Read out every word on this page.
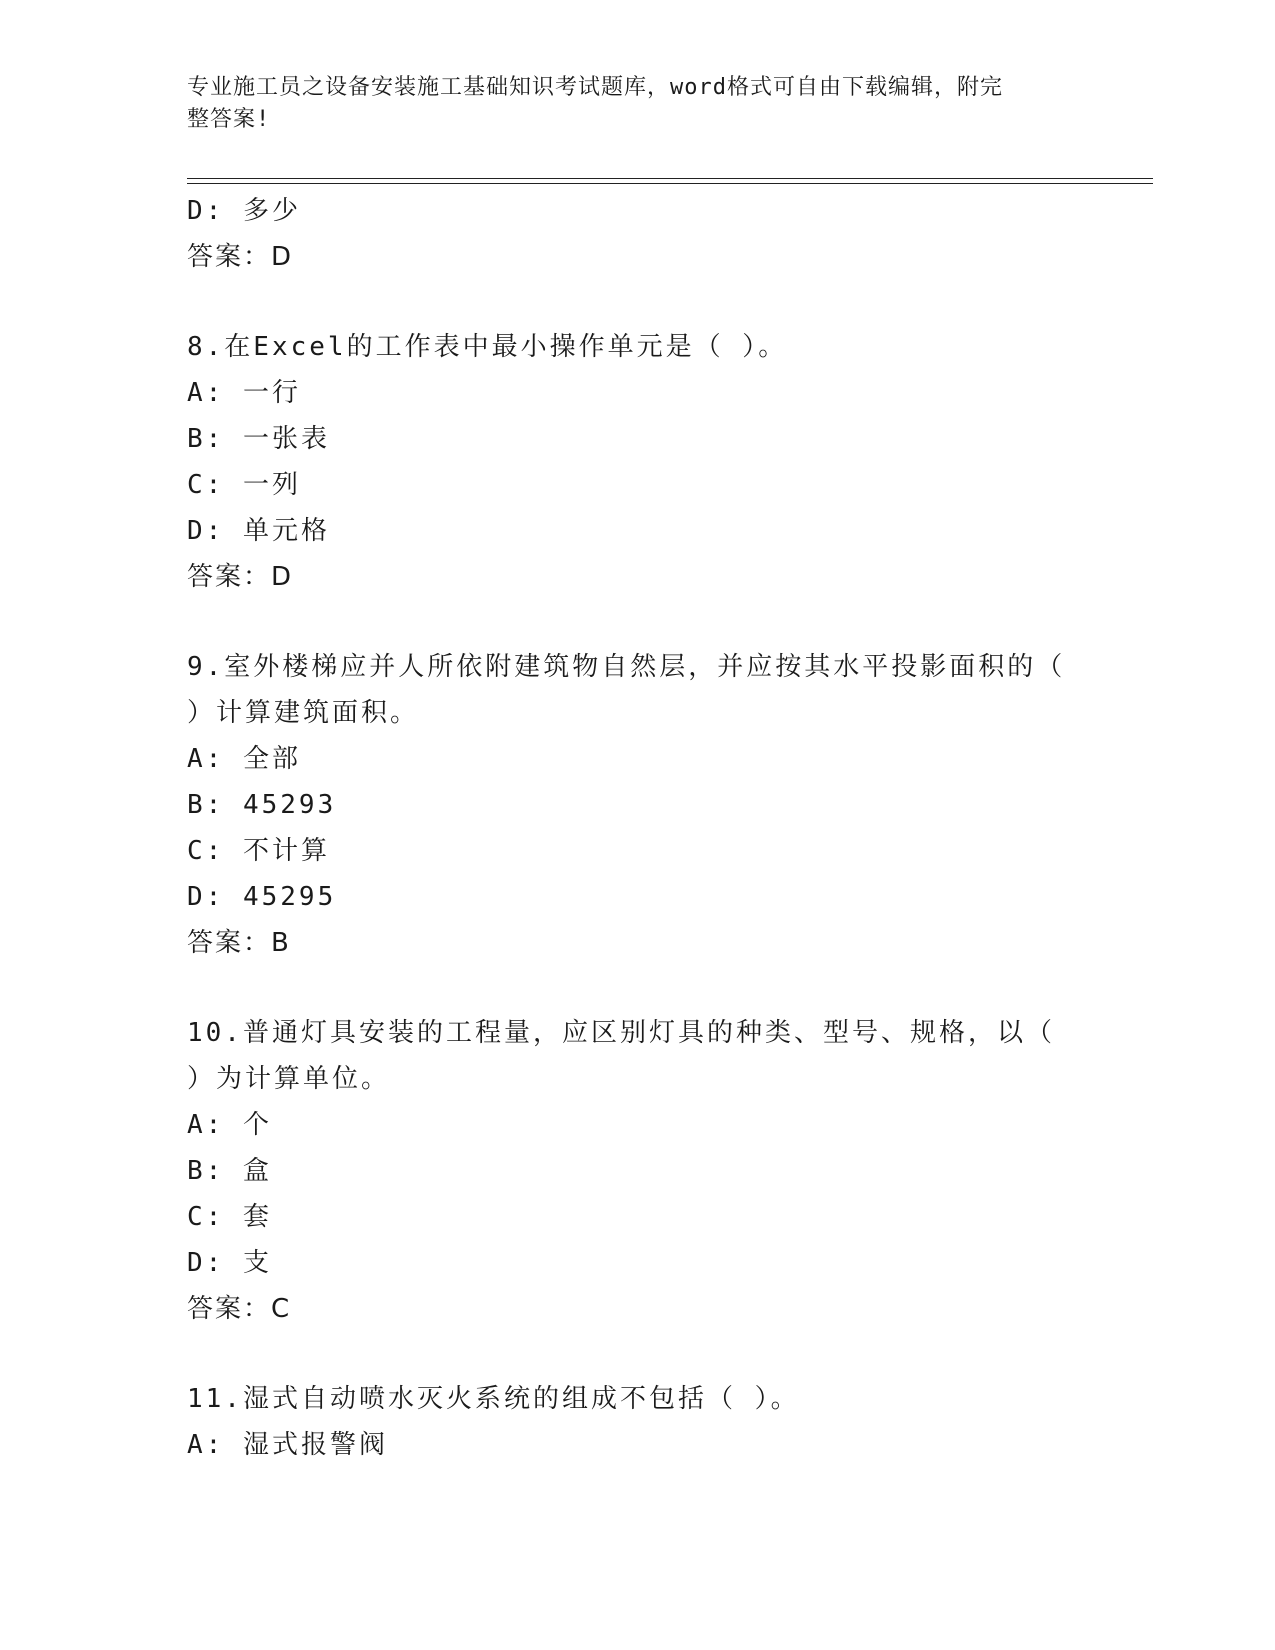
专业施工员之设备安装施工基础知识考试题库，word格式可自由下载编辑，附完
整答案!
D: 多少
答案：D
8.在Excel的工作表中最小操作单元是（ ）。
A: 一行
B: 一张表
C: 一列
D: 单元格
答案：D
9.室外楼梯应并人所依附建筑物自然层，并应按其水平投影面积的（
）计算建筑面积。
A: 全部
B: 45293
C: 不计算
D: 45295
答案：B
10.普通灯具安装的工程量，应区别灯具的种类、型号、规格，以（
）为计算单位。
A: 个
B: 盒
C: 套
D: 支
答案：C
11.湿式自动喷水灭火系统的组成不包括（ ）。
A: 湿式报警阀
